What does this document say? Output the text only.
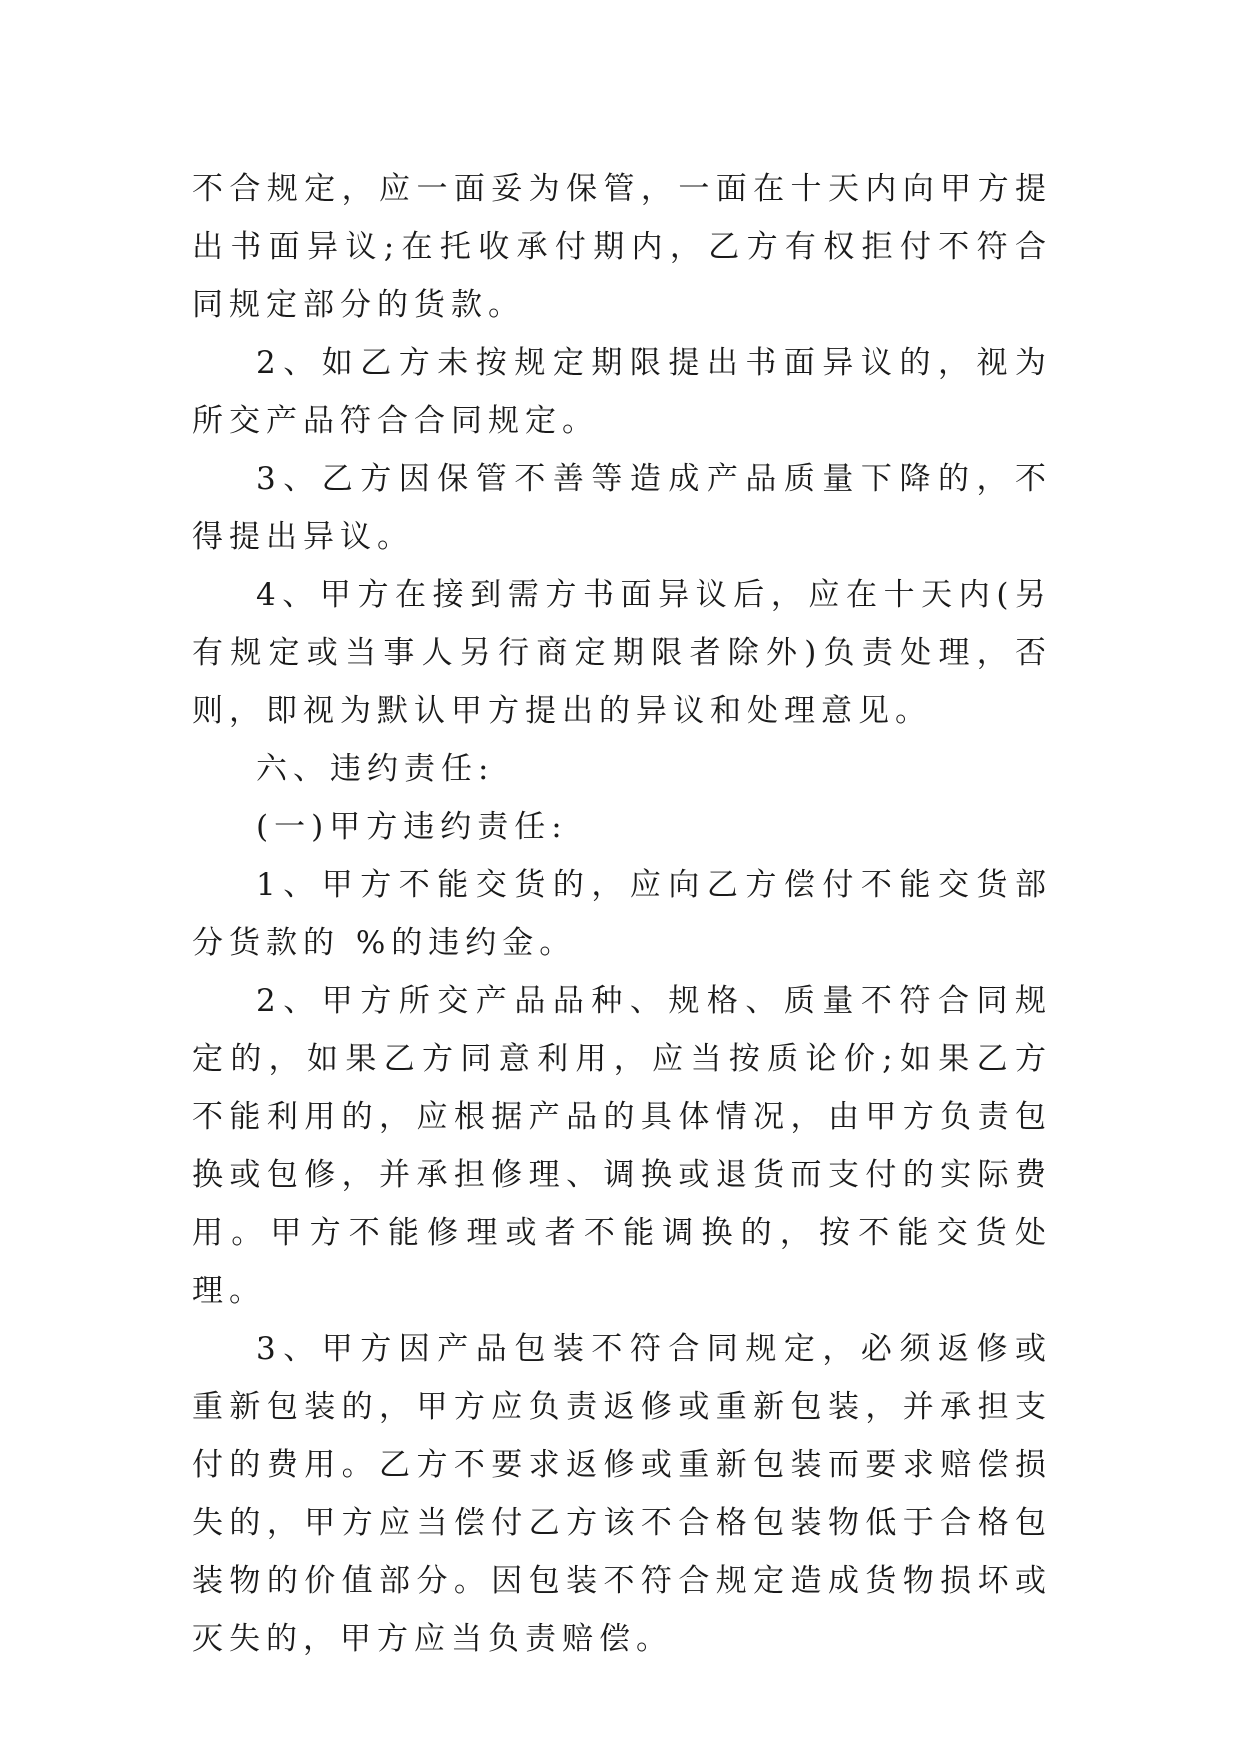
不合规定，应一面妥为保管，一面在十天内向甲方提出书面异议;在托收承付期内，乙方有权拒付不符合同规定部分的货款。

2、如乙方未按规定期限提出书面异议的，视为所交产品符合合同规定。

3、乙方因保管不善等造成产品质量下降的，不得提出异议。

4、甲方在接到需方书面异议后，应在十天内(另有规定或当事人另行商定期限者除外)负责处理，否则，即视为默认甲方提出的异议和处理意见。

六、违约责任:

(一)甲方违约责任:

1、甲方不能交货的，应向乙方偿付不能交货部分货款的 %的违约金。

2、甲方所交产品品种、规格、质量不符合同规定的，如果乙方同意利用，应当按质论价;如果乙方不能利用的，应根据产品的具体情况，由甲方负责包换或包修，并承担修理、调换或退货而支付的实际费用。甲方不能修理或者不能调换的，按不能交货处理。

3、甲方因产品包装不符合同规定，必须返修或重新包装的，甲方应负责返修或重新包装，并承担支付的费用。乙方不要求返修或重新包装而要求赔偿损失的，甲方应当偿付乙方该不合格包装物低于合格包装物的价值部分。因包装不符合规定造成货物损坏或灭失的，甲方应当负责赔偿。
